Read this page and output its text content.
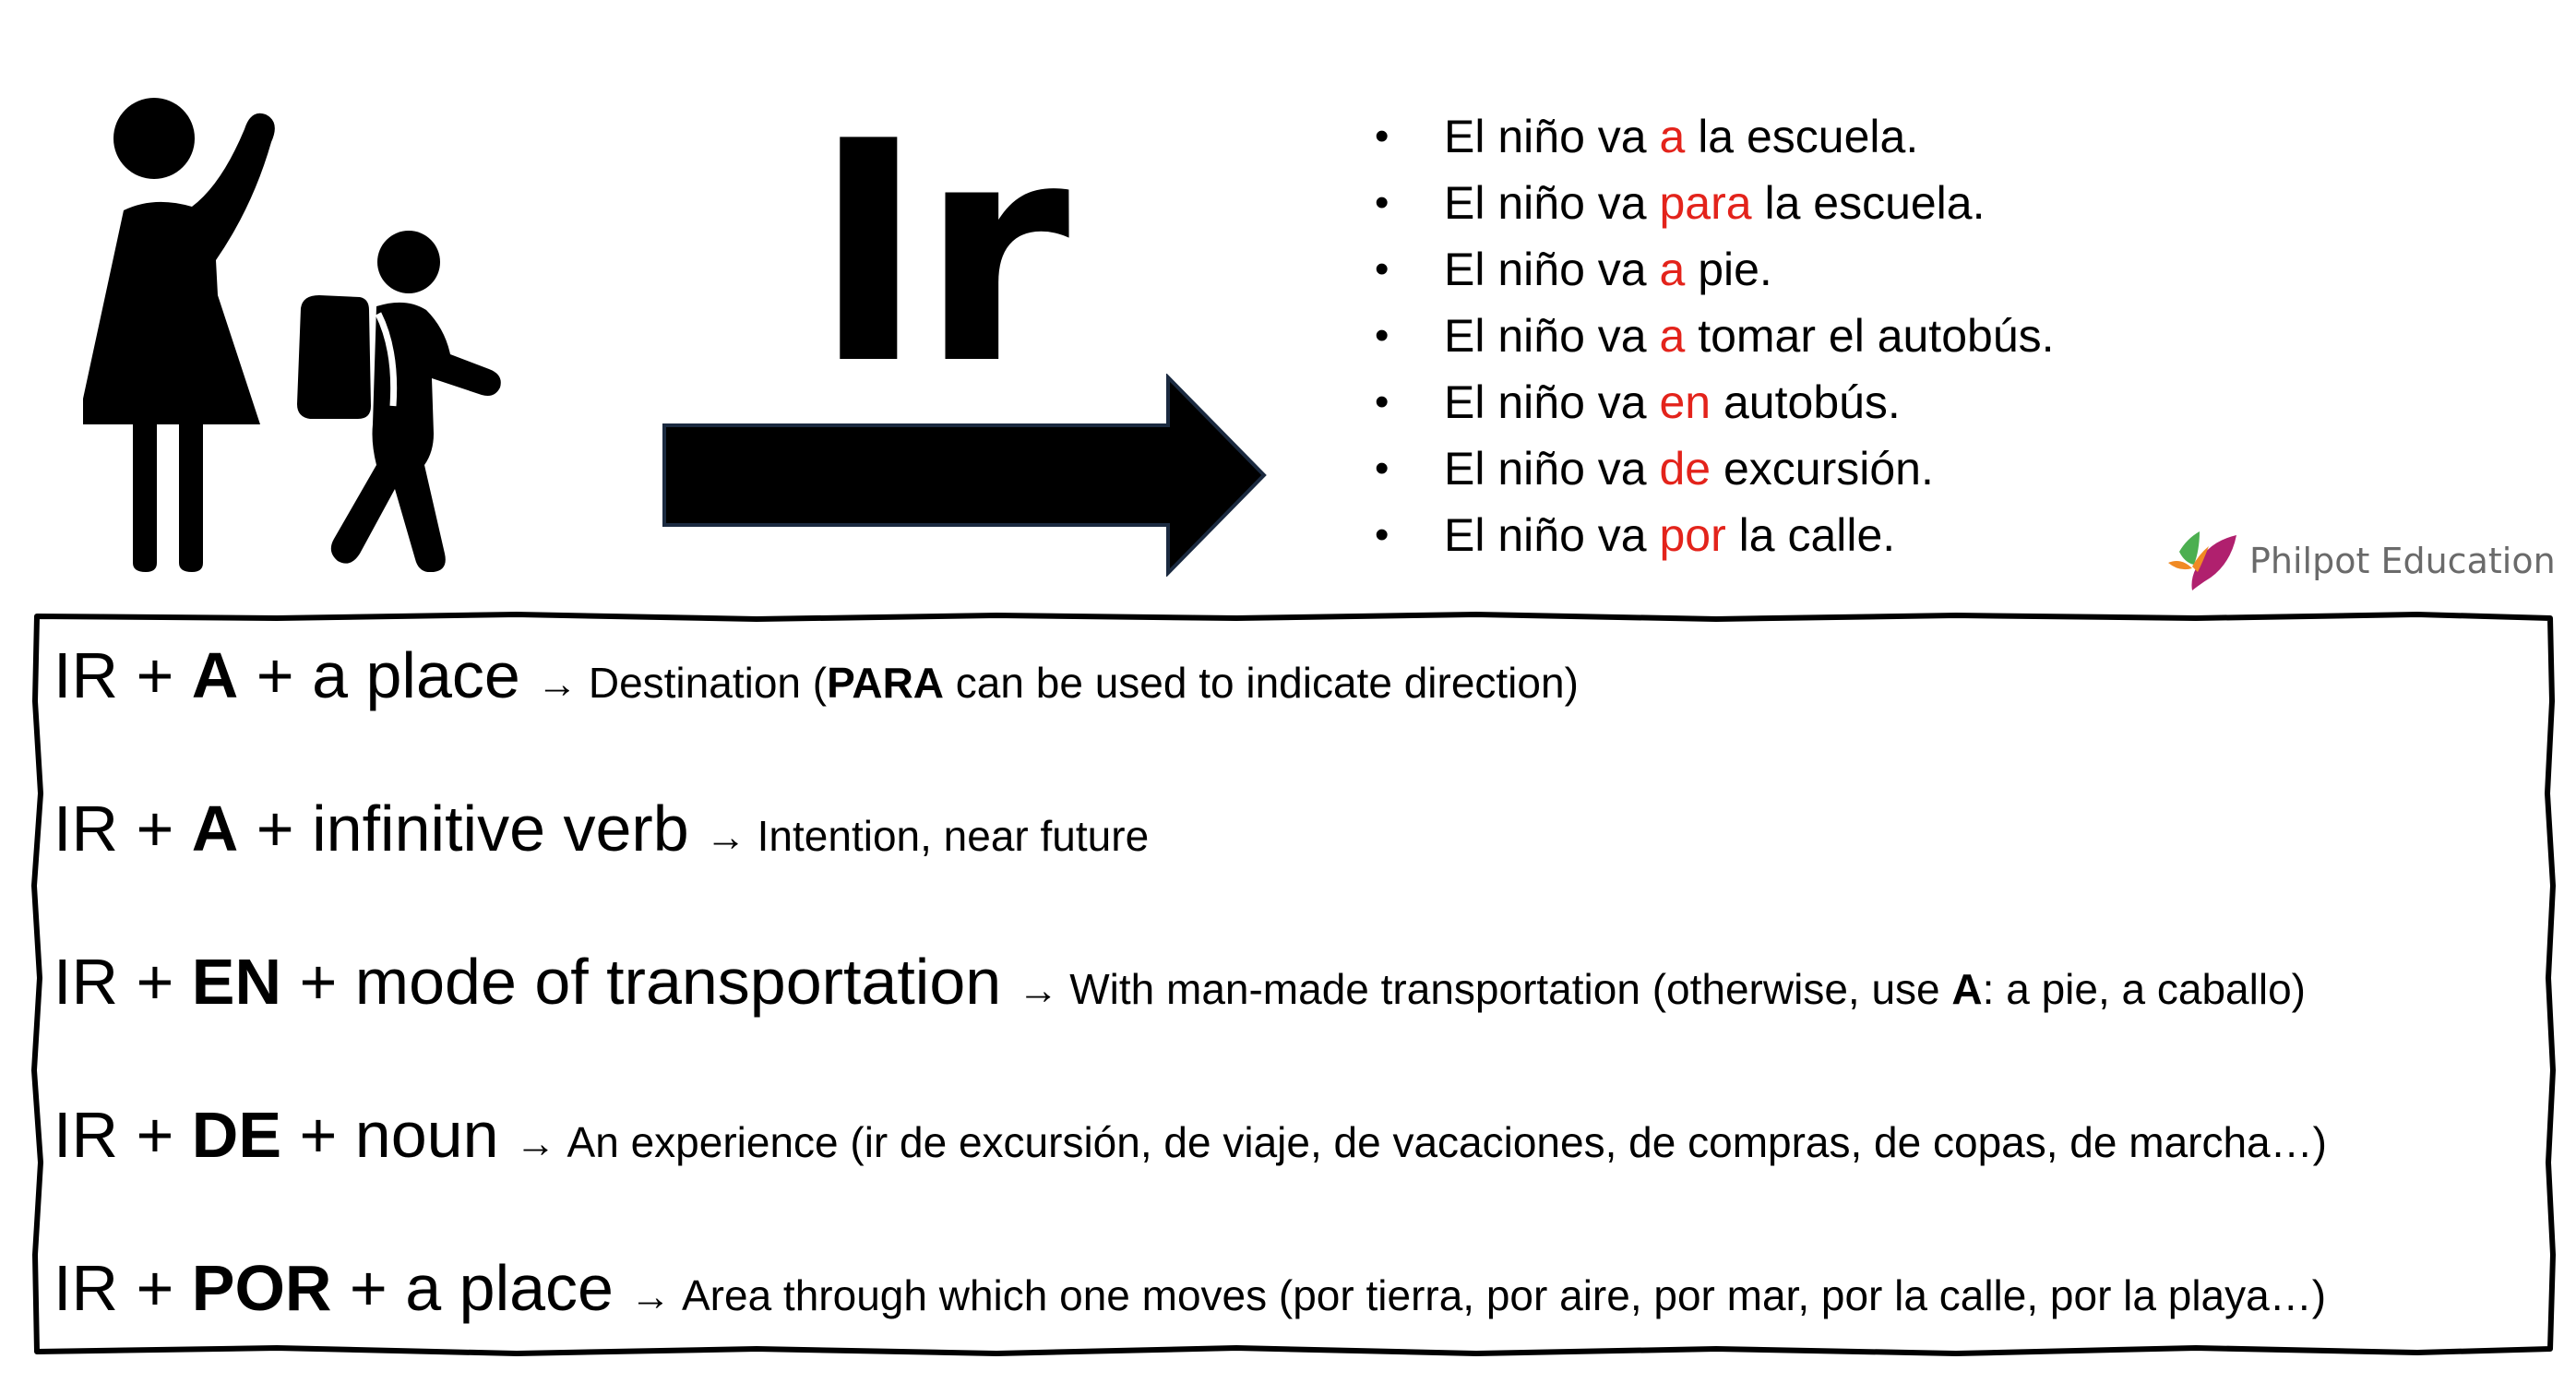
Ir	• El niño va a la escuela.
• El niño va para la escuela.
• El niño va a pie.
• El niño va a tomar el autobús.
• El niño va en autobús.
• El niño va de excursión.
• El niño va por la calle.	Philpot Education
IR + A + a place → Destination (PARA can be used to indicate direction)
IR + A + infinitive verb → Intention, near future
IR + EN + mode of transportation → With man-made transportation (otherwise, use A: a pie, a caballo)
IR + DE + noun → An experience (ir de excursión, de viaje, de vacaciones, de compras, de copas, de marcha…)
IR + POR + a place → Area through which one moves (por tierra, por aire, por mar, por la calle, por la playa…)
